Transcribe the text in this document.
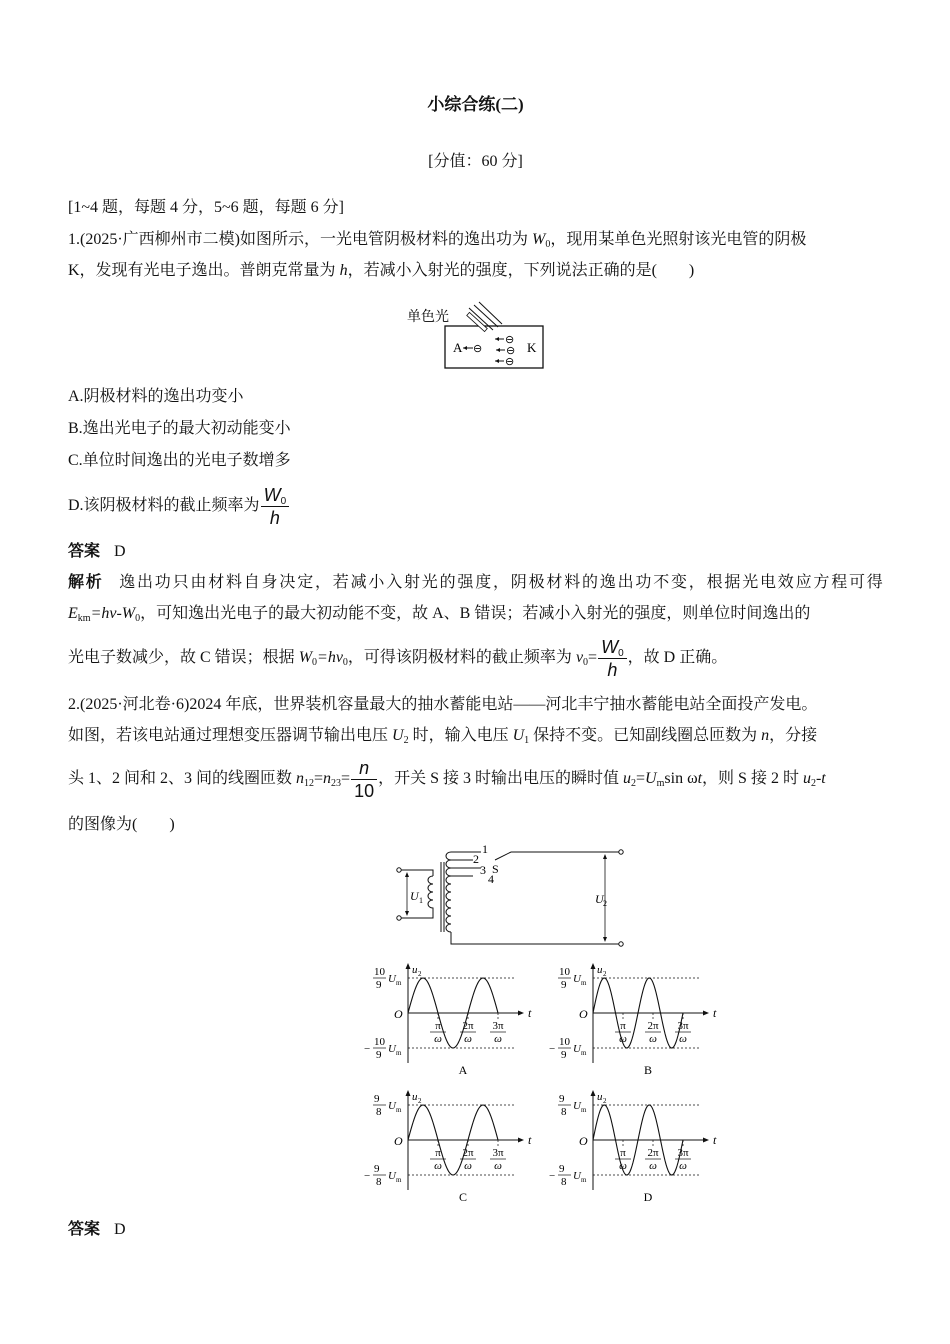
小综合练(二)
[分值：60 分]
[1~4 题，每题 4 分，5~6 题，每题 6 分]
1.(2025·广西柳州市二模)如图所示，一光电管阴极材料的逸出功为 $W_0$，现用某单色光照射该光电管的阴极
K，发现有光电子逸出。普朗克常量为 h，若减小入射光的强度，下列说法正确的是(　　)
单色光
A	K
⊖
⊖
⊖
⊖
A.阴极材料的逸出功变小
B.逸出光电子的最大初动能变小
C.单位时间逸出的光电子数增多
D.该阴极材料的截止频率为 $\frac{W_0}{h}$
答案 D
解析 逸出功只由材料自身决定，若减小入射光的强度，阴极材料的逸出功不变，根据光电效应方程可得
$E_{km}=h\nu-W_0$，可知逸出光电子的最大初动能不变，故 A、B 错误；若减小入射光的强度，则单位时间逸出的
光电子数减少，故 C 错误；根据 $W_0=h\nu_0$，可得该阴极材料的截止频率为 $\nu_0= \frac{W_0}{h}$ ，故 D 正确。
2.(2025·河北卷·6)2024 年底，世界装机容量最大的抽水蓄能电站——河北丰宁抽水蓄能电站全面投产发电。
如图，若该电站通过理想变压器调节输出电压 $U_2$ 时，输入电压 $U_1$ 保持不变。已知副线圈总匝数为 n，分接
头 1、2 间和 2、3 间的线圈匝数 $n_{12}=n_{23}= \frac{n}{10}$ ，开关 S 接 3 时输出电压的瞬时值 $u_2=U_m\sin$ ωt，则 S 接 2 时 $u_2-t$
的图像为(　　)
U 1
1
2
3
4
S
U 2
u 2
t
O
10
9 U m
−
10
9 U m
π
ω
2π
ω
3π
ω
A
u 2
t
O
10
9 U m
−
10
9 U m
π
ω
2π
ω
3π
ω
B
u 2
t
O
9
8 U m
−
9
8 U m
π
ω
2π
ω
3π
ω
C
u 2
t
O
9
8 U m
−
9
8 U m
π
ω
2π
ω
3π
ω
D
答案 D
